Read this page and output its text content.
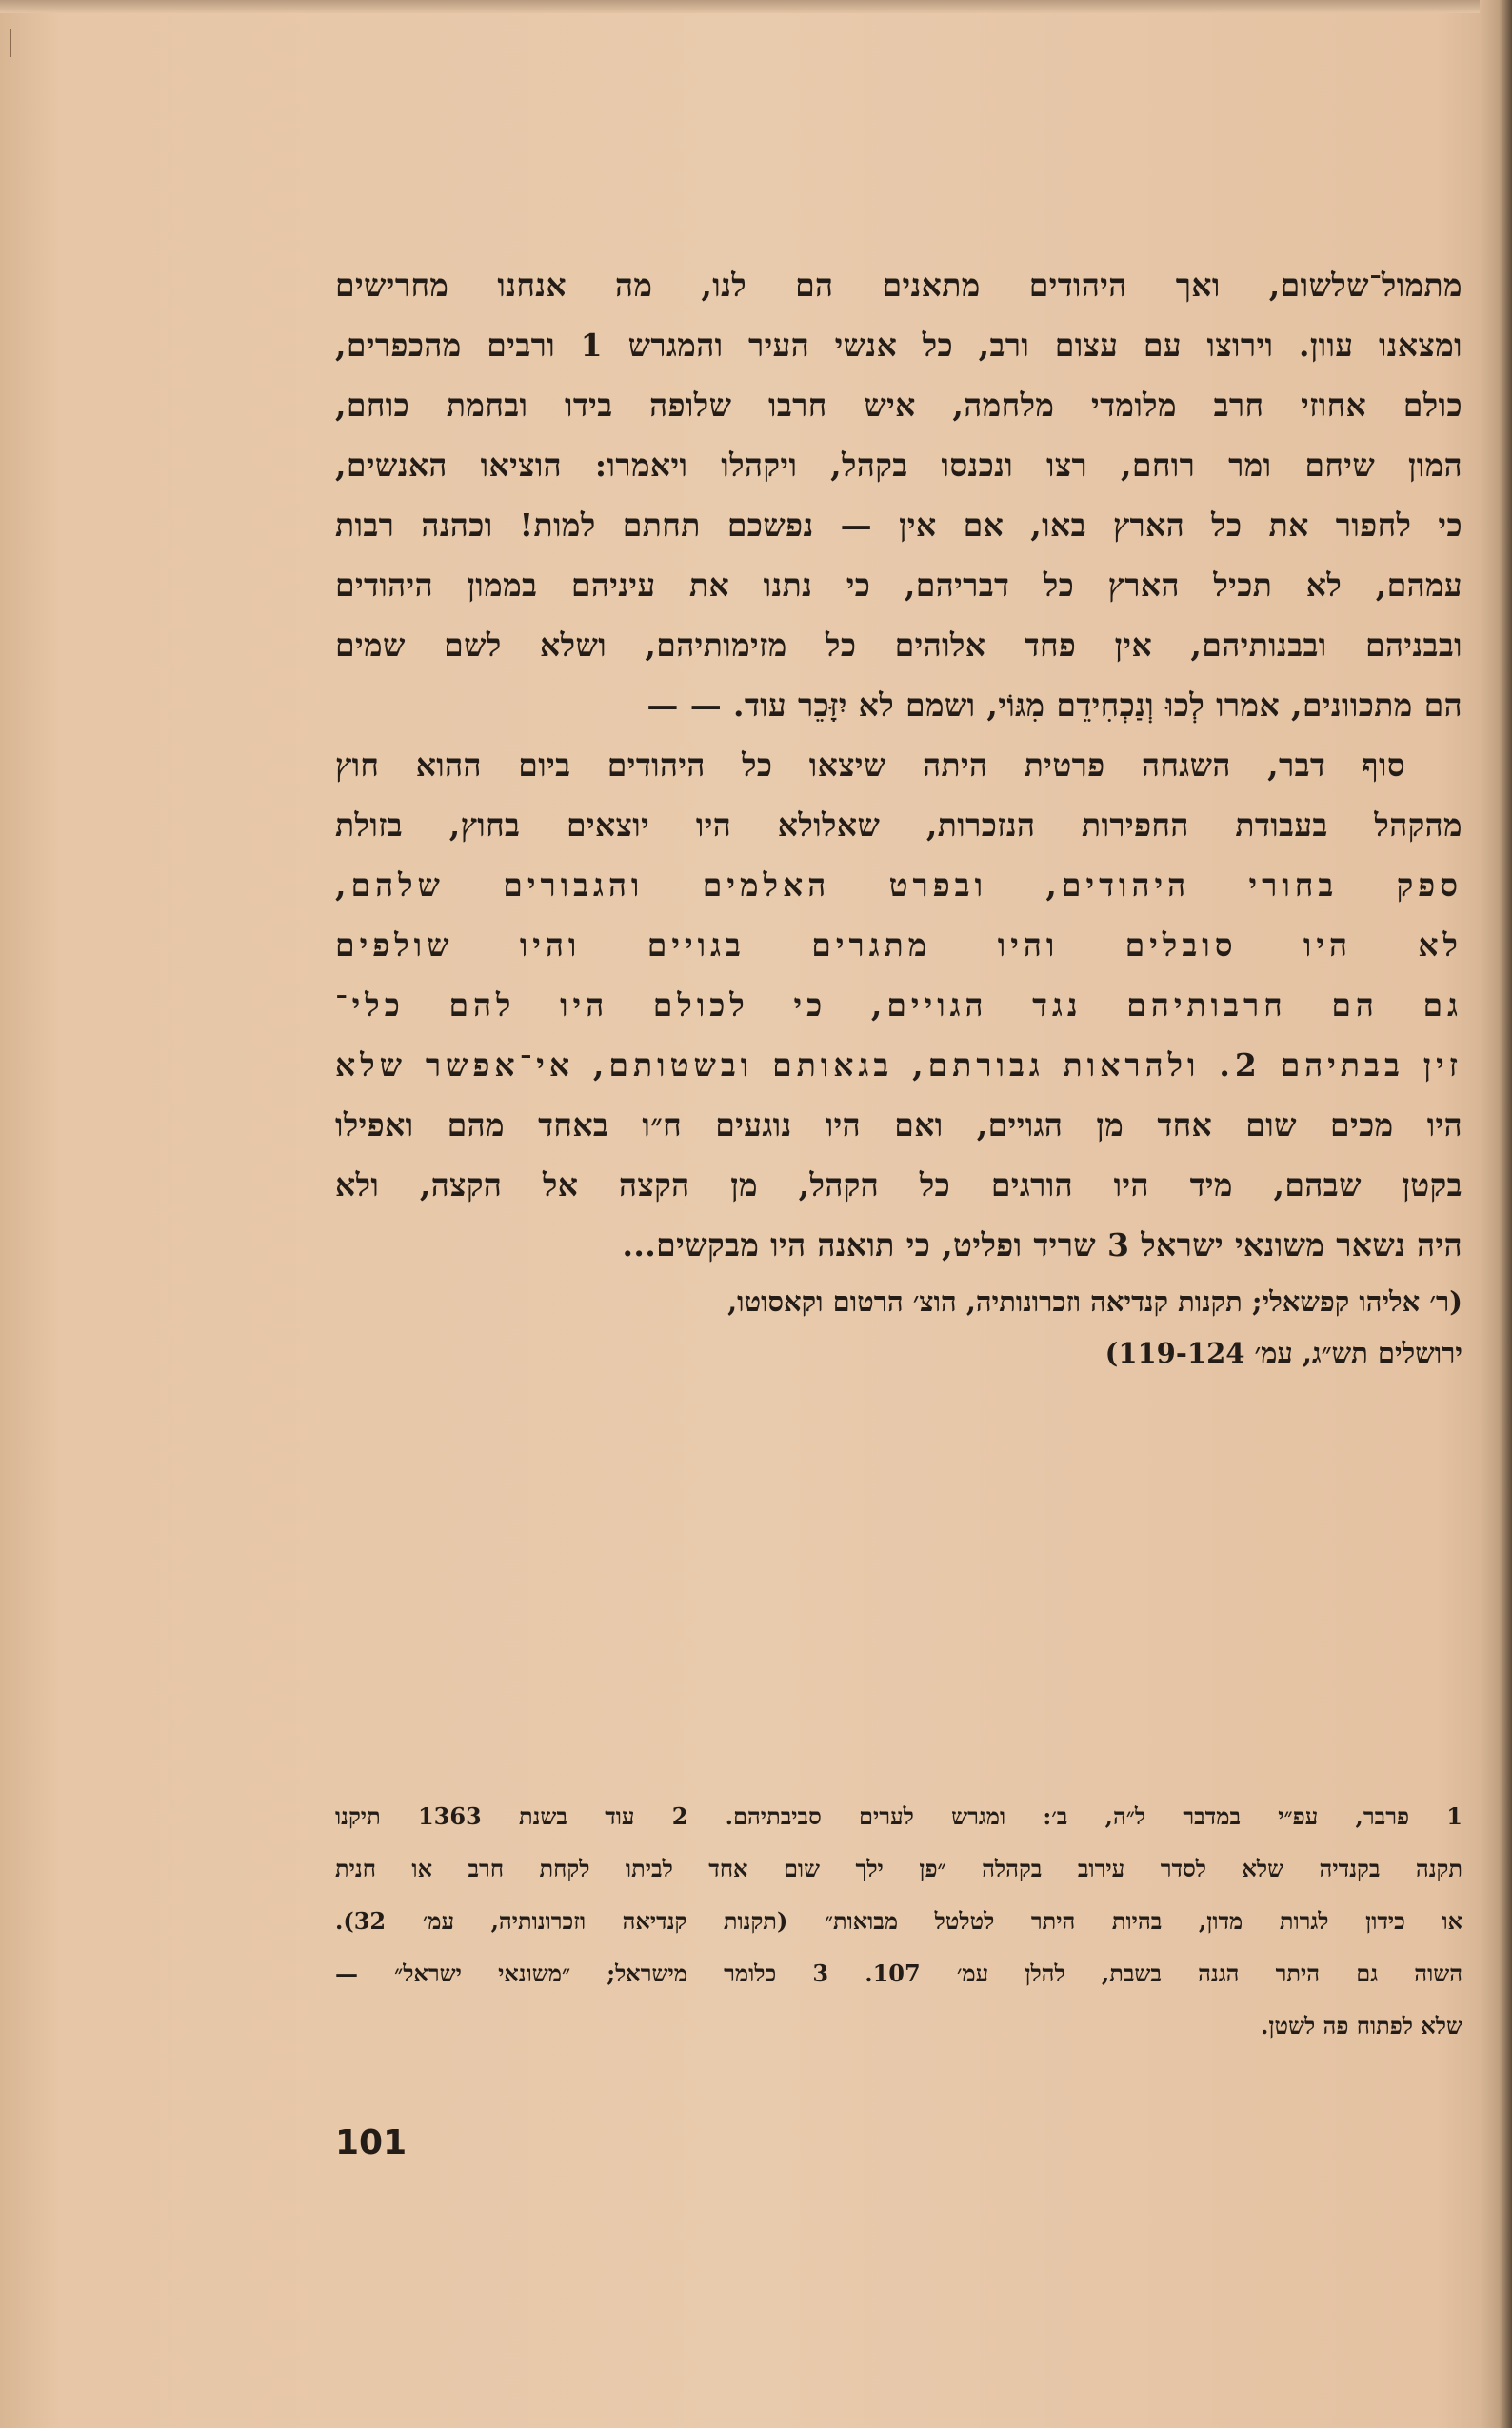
מתמול־שלשום, ואך היהודים מתאנים הם לנו, מה אנחנו מחרישים
ומצאנו עוון. וירוצו עם עצום ורב, כל אנשי העיר והמגרש 1 ורבים מהכפרים,
כולם אחוזי חרב מלומדי מלחמה, איש חרבו שלופה בידו ובחמת כוחם,
המון שיחם ומר רוחם, רצו ונכנסו בקהל, ויקהלו ויאמרו: הוציאו האנשים,
כי לחפור את כל הארץ באו, אם אין — נפשכם תחתם למות! וכהנה רבות
עמהם, לא תכיל הארץ כל דבריהם, כי נתנו את עיניהם בממון היהודים
ובבניהם ובבנותיהם, אין פחד אלוהים כל מזימותיהם, ושלא לשם שמים
הם מתכוונים, אמרו לְכוּ וְנַכְחִידֵם מִגּוֹי, ושמם לא יִזָּכֵר עוד. — —
סוף דבר, השגחה פרטית היתה שיצאו כל היהודים ביום ההוא חוץ
מהקהל בעבודת החפירות הנזכרות, שאלולא היו יוצאים בחוץ, בזולת
ספק בחורי היהודים, ובפרט האלמים והגבורים שלהם,
לא היו סובלים והיו מתגרים בגויים והיו שולפים
גם הם חרבותיהם נגד הגויים, כי לכולם היו להם כלי־
זין בבתיהם 2. ולהראות גבורתם, בגאותם ובשטותם, אי־אפשר שלא
היו מכים שום אחד מן הגויים, ואם היו נוגעים ח״ו באחד מהם ואפילו
בקטן שבהם, מיד היו הורגים כל הקהל, מן הקצה אל הקצה, ולא
היה נשאר משונאי ישראל 3 שריד ופליט, כי תואנה היו מבקשים...
(ר׳ אליהו קפשאלי; תקנות קנדיאה וזכרונותיה, הוצ׳ הרטום וקאסוטו,
ירושלים תש״ג, עמ׳ 119-124)
1 פרבר, עפ״י במדבר ל״ה, ב׳: ומגרש לערים סביבתיהם. 2 עוד בשנת 1363 תיקנו
תקנה בקנדיה שלא לסדר עירוב בקהלה ״פן ילך שום אחד לביתו לקחת חרב או חנית
או כידון לגרות מדון, בהיות היתר לטלטל מבואות״ (תקנות קנדיאה וזכרונותיה, עמ׳ 32).
השוה גם היתר הגנה בשבת, להלן עמ׳ 107. 3 כלומר מישראל; ״משונאי ישראל״ —
שלא לפתוח פה לשטן.
101
